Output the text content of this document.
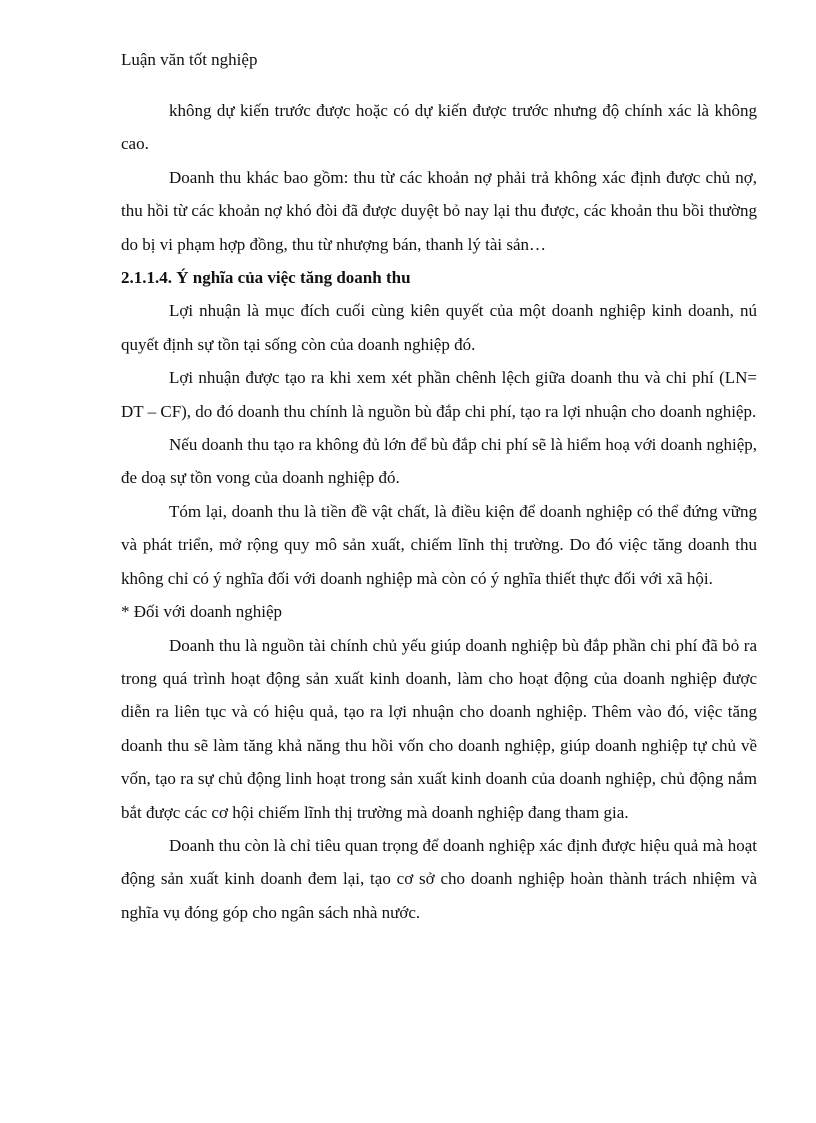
Luận văn tốt nghiệp

không dự kiến trước được hoặc có dự kiến được trước nhưng độ chính xác là không cao.

Doanh thu khác bao gồm: thu từ các khoản nợ phải trả không xác định được chủ nợ, thu hồi từ các khoản nợ khó đòi đã được duyệt bỏ nay lại thu được, các khoản thu bồi thường do bị vi phạm hợp đồng, thu từ nhượng bán, thanh lý tài sản…

2.1.1.4. Ý nghĩa của việc tăng doanh thu

Lợi nhuận là mục đích cuối cùng kiên quyết của một doanh nghiệp kinh doanh, nú quyết định sự tồn tại sống còn của doanh nghiệp đó.

Lợi nhuận được tạo ra khi xem xét phần chênh lệch giữa doanh thu và chi phí (LN= DT – CF), do đó doanh thu chính là nguồn bù đắp chi phí, tạo ra lợi nhuận cho doanh nghiệp.

Nếu doanh thu tạo ra không đủ lớn để bù đắp chi phí sẽ là hiểm hoạ với doanh nghiệp, đe doạ sự tồn vong của doanh nghiệp đó.

Tóm lại, doanh thu là tiền đề vật chất, là điều kiện để doanh nghiệp có thể đứng vững và phát triển, mở rộng quy mô sản xuất, chiếm lĩnh thị trường. Do đó việc tăng doanh thu không chỉ có ý nghĩa đối với doanh nghiệp mà còn có ý nghĩa thiết thực đối với xã hội.

* Đối với doanh nghiệp

Doanh thu là nguồn tài chính chủ yếu giúp doanh nghiệp bù đắp phần chi phí đã bỏ ra trong quá trình hoạt động sản xuất kinh doanh, làm cho hoạt động của doanh nghiệp được diễn ra liên tục và có hiệu quả, tạo ra lợi nhuận cho doanh nghiệp. Thêm vào đó, việc tăng doanh thu sẽ làm tăng khả năng thu hồi vốn cho doanh nghiệp, giúp doanh nghiệp tự chủ về vốn, tạo ra sự chủ động linh hoạt trong sản xuất kinh doanh của doanh nghiệp, chủ động nắm bắt được các cơ hội chiếm lĩnh thị trường mà doanh nghiệp đang tham gia.

Doanh thu còn là chỉ tiêu quan trọng để doanh nghiệp xác định được hiệu quả mà hoạt động sản xuất kinh doanh đem lại, tạo cơ sở cho doanh nghiệp hoàn thành trách nhiệm và nghĩa vụ đóng góp cho ngân sách nhà nước.
